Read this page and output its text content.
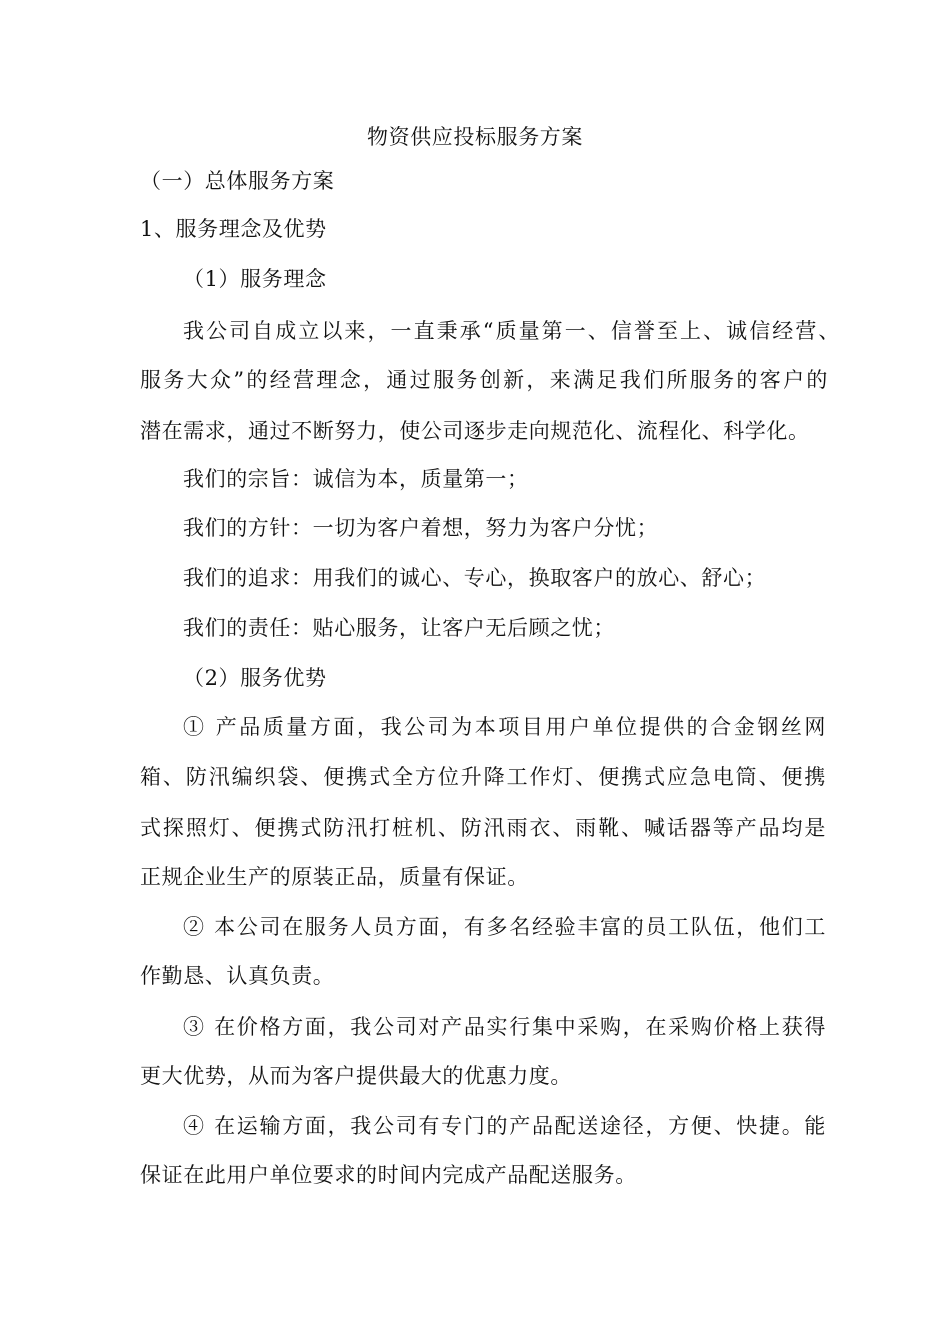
物资供应投标服务方案
（一）总体服务方案
1、服务理念及优势
（1）服务理念
我公司自成立以来，一直秉承“质量第一、信誉至上、诚信经营、
服务大众”的经营理念，通过服务创新，来满足我们所服务的客户的
潜在需求，通过不断努力，使公司逐步走向规范化、流程化、科学化。
我们的宗旨：诚信为本，质量第一；
我们的方针：一切为客户着想，努力为客户分忧；
我们的追求：用我们的诚心、专心，换取客户的放心、舒心；
我们的责任：贴心服务，让客户无后顾之忧；
（2）服务优势
① 产品质量方面，我公司为本项目用户单位提供的合金钢丝网
箱、防汛编织袋、便携式全方位升降工作灯、便携式应急电筒、便携
式探照灯、便携式防汛打桩机、防汛雨衣、雨靴、喊话器等产品均是
正规企业生产的原装正品，质量有保证。
② 本公司在服务人员方面，有多名经验丰富的员工队伍，他们工
作勤恳、认真负责。
③ 在价格方面，我公司对产品实行集中采购，在采购价格上获得
更大优势，从而为客户提供最大的优惠力度。
④ 在运输方面，我公司有专门的产品配送途径，方便、快捷。能
保证在此用户单位要求的时间内完成产品配送服务。
